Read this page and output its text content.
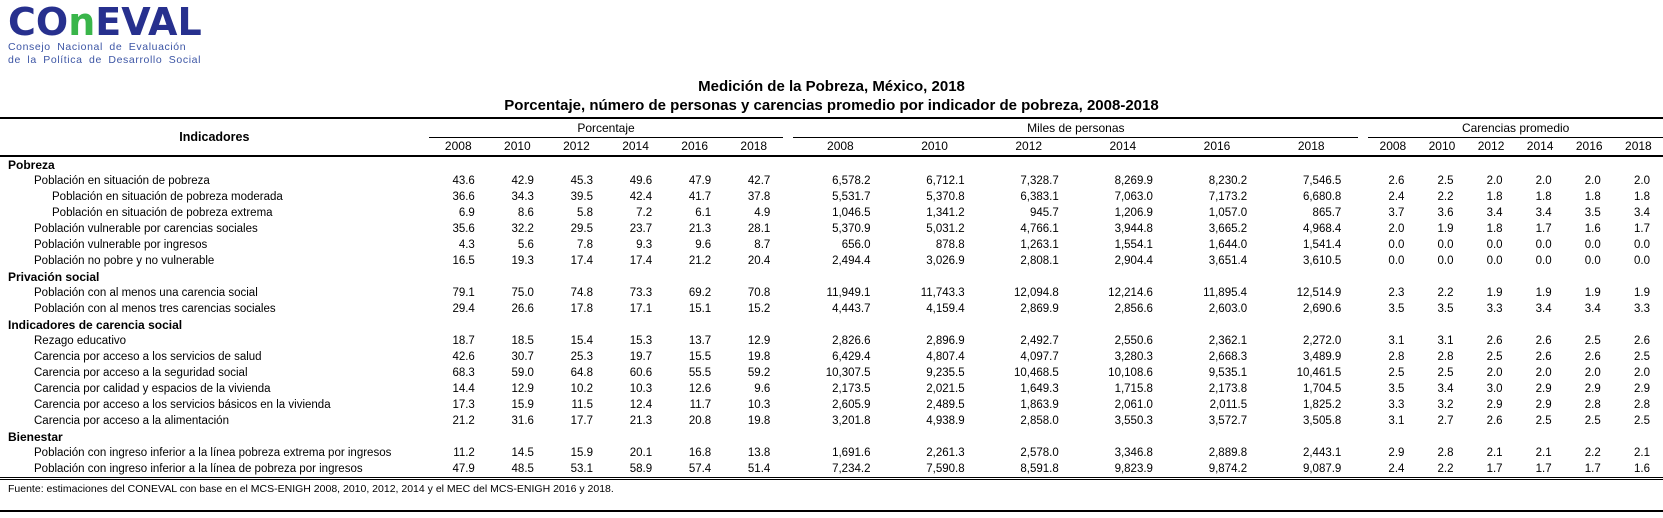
COnEVAL
Consejo Nacional de Evaluación
de la Política de Desarrollo Social
Medición de la Pobreza, México, 2018
Porcentaje, número de personas y carencias promedio por indicador de pobreza, 2008-2018
Indicadores	Porcentaje							Miles de personas							Carencias promedio					
	2008	2010	2012	2014	2016	2018		2008	2010	2012	2014	2016	2018		2008	2010	2012	2014	2016	2018
Pobreza																				
Población en situación de pobreza	43.6	42.9	45.3	49.6	47.9	42.7		6,578.2	6,712.1	7,328.7	8,269.9	8,230.2	7,546.5		2.6	2.5	2.0	2.0	2.0	2.0
Población en situación de pobreza moderada	36.6	34.3	39.5	42.4	41.7	37.8		5,531.7	5,370.8	6,383.1	7,063.0	7,173.2	6,680.8		2.4	2.2	1.8	1.8	1.8	1.8
Población en situación de pobreza extrema	6.9	8.6	5.8	7.2	6.1	4.9		1,046.5	1,341.2	945.7	1,206.9	1,057.0	865.7		3.7	3.6	3.4	3.4	3.5	3.4
Población vulnerable por carencias sociales	35.6	32.2	29.5	23.7	21.3	28.1		5,370.9	5,031.2	4,766.1	3,944.8	3,665.2	4,968.4		2.0	1.9	1.8	1.7	1.6	1.7
Población vulnerable por ingresos	4.3	5.6	7.8	9.3	9.6	8.7		656.0	878.8	1,263.1	1,554.1	1,644.0	1,541.4		0.0	0.0	0.0	0.0	0.0	0.0
Población no pobre y no vulnerable	16.5	19.3	17.4	17.4	21.2	20.4		2,494.4	3,026.9	2,808.1	2,904.4	3,651.4	3,610.5		0.0	0.0	0.0	0.0	0.0	0.0
Privación social																				
Población con al menos una carencia social	79.1	75.0	74.8	73.3	69.2	70.8		11,949.1	11,743.3	12,094.8	12,214.6	11,895.4	12,514.9		2.3	2.2	1.9	1.9	1.9	1.9
Población con al menos tres carencias sociales	29.4	26.6	17.8	17.1	15.1	15.2		4,443.7	4,159.4	2,869.9	2,856.6	2,603.0	2,690.6		3.5	3.5	3.3	3.4	3.4	3.3
Indicadores de carencia social																				
Rezago educativo	18.7	18.5	15.4	15.3	13.7	12.9		2,826.6	2,896.9	2,492.7	2,550.6	2,362.1	2,272.0		3.1	3.1	2.6	2.6	2.5	2.6
Carencia por acceso a los servicios de salud	42.6	30.7	25.3	19.7	15.5	19.8		6,429.4	4,807.4	4,097.7	3,280.3	2,668.3	3,489.9		2.8	2.8	2.5	2.6	2.6	2.5
Carencia por acceso a la seguridad social	68.3	59.0	64.8	60.6	55.5	59.2		10,307.5	9,235.5	10,468.5	10,108.6	9,535.1	10,461.5		2.5	2.5	2.0	2.0	2.0	2.0
Carencia por calidad y espacios de la vivienda	14.4	12.9	10.2	10.3	12.6	9.6		2,173.5	2,021.5	1,649.3	1,715.8	2,173.8	1,704.5		3.5	3.4	3.0	2.9	2.9	2.9
Carencia por acceso a los servicios básicos en la vivienda	17.3	15.9	11.5	12.4	11.7	10.3		2,605.9	2,489.5	1,863.9	2,061.0	2,011.5	1,825.2		3.3	3.2	2.9	2.9	2.8	2.8
Carencia por acceso a la alimentación	21.2	31.6	17.7	21.3	20.8	19.8		3,201.8	4,938.9	2,858.0	3,550.3	3,572.7	3,505.8		3.1	2.7	2.6	2.5	2.5	2.5
Bienestar																				
Población con ingreso inferior a la línea pobreza extrema por ingresos	11.2	14.5	15.9	20.1	16.8	13.8		1,691.6	2,261.3	2,578.0	3,346.8	2,889.8	2,443.1		2.9	2.8	2.1	2.1	2.2	2.1
Población con ingreso inferior a la línea de pobreza por ingresos	47.9	48.5	53.1	58.9	57.4	51.4		7,234.2	7,590.8	8,591.8	9,823.9	9,874.2	9,087.9		2.4	2.2	1.7	1.7	1.7	1.6
Fuente: estimaciones del CONEVAL con base en el MCS-ENIGH 2008, 2010, 2012, 2014 y el MEC del MCS-ENIGH 2016 y 2018.
